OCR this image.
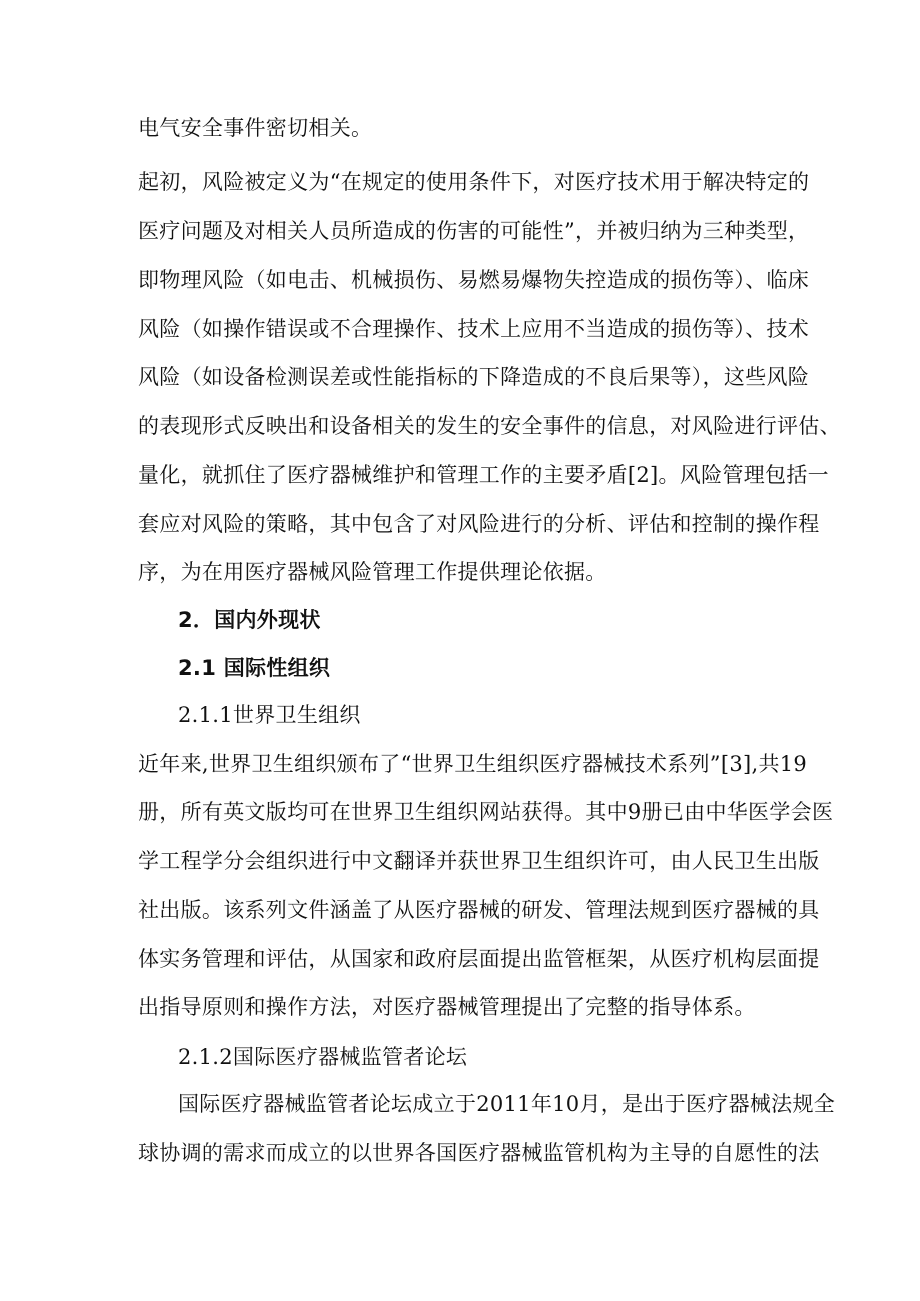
电气安全事件密切相关。
起初，风险被定义为“在规定的使用条件下，对医疗技术用于解决特定的
医疗问题及对相关人员所造成的伤害的可能性”，并被归纳为三种类型，
即物理风险（如电击、机械损伤、易燃易爆物失控造成的损伤等）、临床
风险（如操作错误或不合理操作、技术上应用不当造成的损伤等）、技术
风险（如设备检测误差或性能指标的下降造成的不良后果等），这些风险
的表现形式反映出和设备相关的发生的安全事件的信息，对风险进行评估、
量化，就抓住了医疗器械维护和管理工作的主要矛盾[2]。风险管理包括一
套应对风险的策略，其中包含了对风险进行的分析、评估和控制的操作程
序，为在用医疗器械风险管理工作提供理论依据。
2．国内外现状
2.1 国际性组织
2.1.1世界卫生组织
近年来,世界卫生组织颁布了“世界卫生组织医疗器械技术系列”[3],共19
册，所有英文版均可在世界卫生组织网站获得。其中9册已由中华医学会医
学工程学分会组织进行中文翻译并获世界卫生组织许可，由人民卫生出版
社出版。该系列文件涵盖了从医疗器械的研发、管理法规到医疗器械的具
体实务管理和评估，从国家和政府层面提出监管框架，从医疗机构层面提
出指导原则和操作方法，对医疗器械管理提出了完整的指导体系。
2.1.2国际医疗器械监管者论坛
国际医疗器械监管者论坛成立于2011年10月，是出于医疗器械法规全
球协调的需求而成立的以世界各国医疗器械监管机构为主导的自愿性的法
